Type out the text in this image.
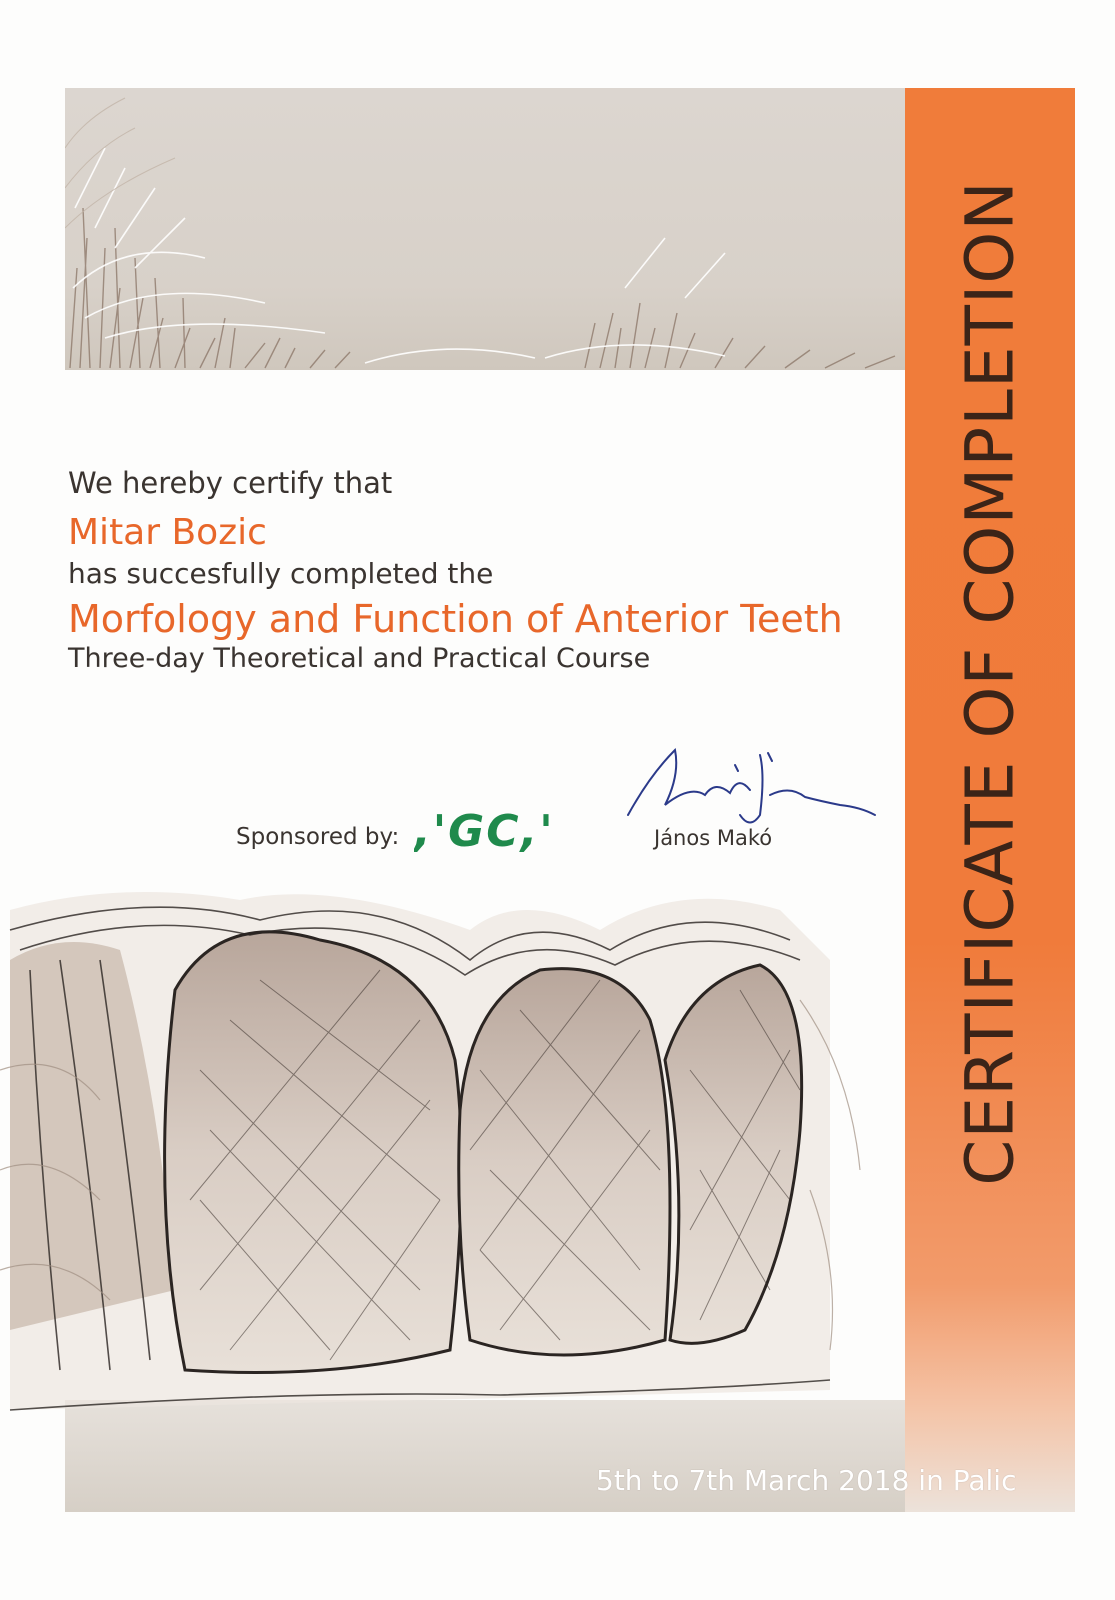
CERTIFICATE OF COMPLETION
We hereby certify that
Mitar Bozic
has succesfully completed the
Morfology and Function of Anterior Teeth
Three-day Theoretical and Practical Course
Sponsored by: ,'GC,'	János Makó
5th to 7th March 2018 in Palic
